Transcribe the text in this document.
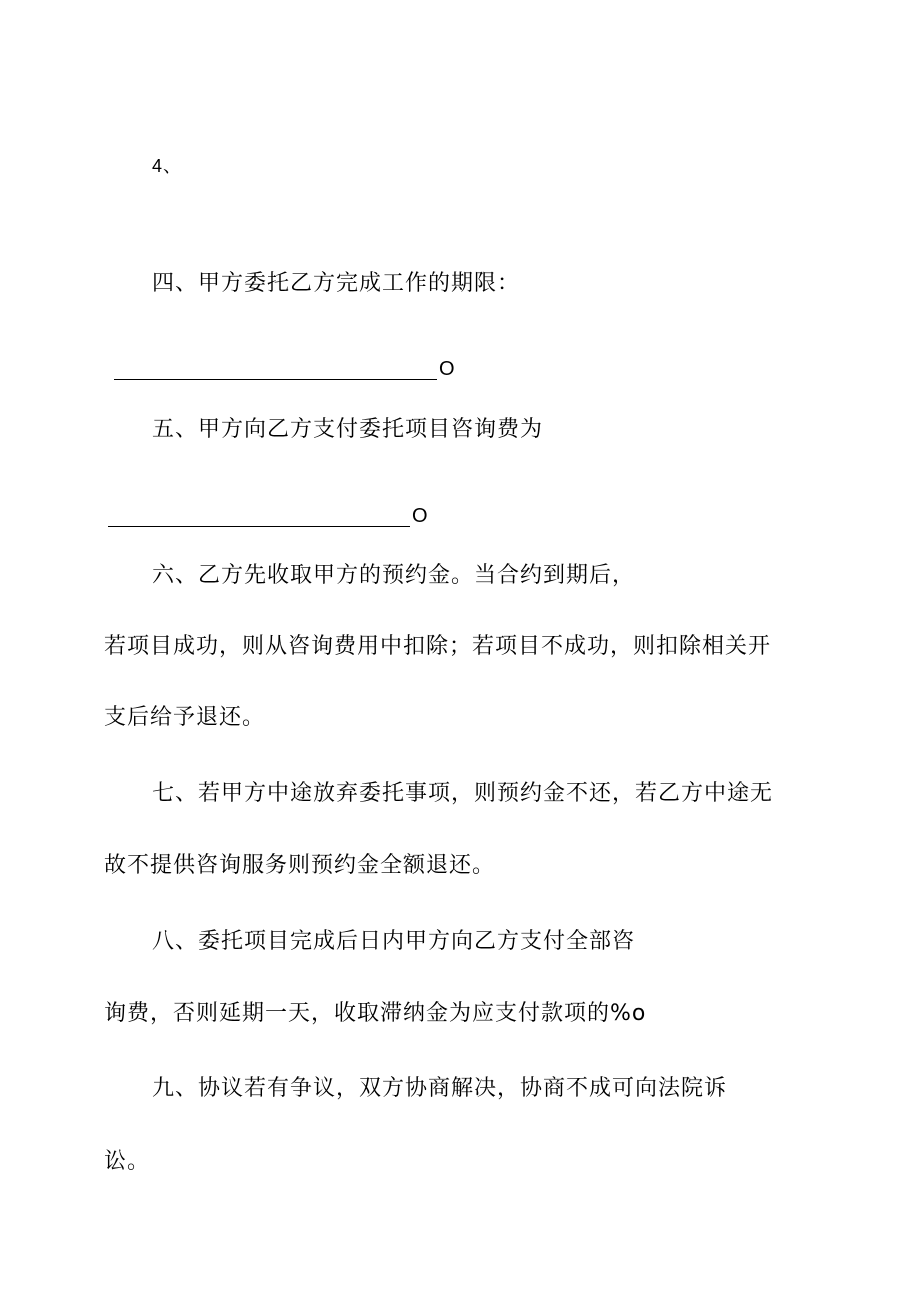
4、
四、甲方委托乙方完成工作的期限：
O
五、甲方向乙方支付委托项目咨询费为
O
六、乙方先收取甲方的预约金。当合约到期后，
若项目成功，则从咨询费用中扣除；若项目不成功，则扣除相关开
支后给予退还。
七、若甲方中途放弃委托事项，则预约金不还，若乙方中途无
故不提供咨询服务则预约金全额退还。
八、委托项目完成后日内甲方向乙方支付全部咨
询费，否则延期一天，收取滞纳金为应支付款项的%o
九、协议若有争议，双方协商解决，协商不成可向法院诉
讼。
